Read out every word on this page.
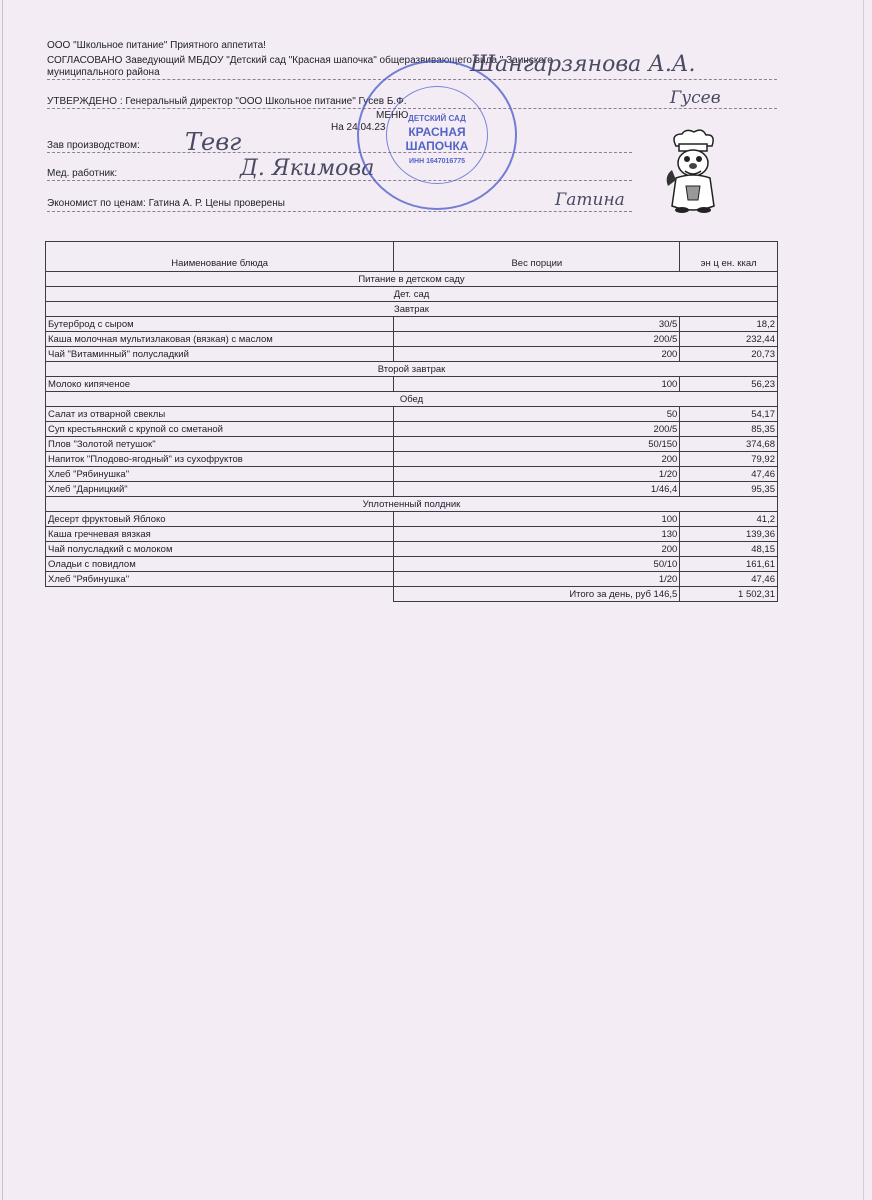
ООО "Школьное питание" Приятного аппетита!
СОГЛАСОВАНО Заведующий МБДОУ "Детский сад "Красная шапочка" общеразвивающего вида " Заинского
муниципального района
УТВЕРЖДЕНО : Генеральный директор "ООО Школьное питание" Гусев Б.Ф.
МЕНЮ
На 24.04.23
Зав производством:
Мед. работник:
Экономист по ценам: Гатина А. Р. Цены проверены
Шангарзянова А.А.
Гусев
Тевг
Д. Якимова
Гатина
ДЕТСКИЙ САД
КРАСНАЯ
ШАПОЧКА
ИНН 1647016775
Наименование блюда	Вес порции	эн ц ен. ккал
Питание в детском саду		
Дет. сад		
Завтрак		
Бутерброд с сыром	30/5	18,2
Каша молочная мультизлаковая (вязкая) с маслом	200/5	232,44
Чай "Витаминный" полусладкий	200	20,73
Второй завтрак		
Молоко кипяченое	100	56,23
Обед		
Салат из отварной свеклы	50	54,17
Суп крестьянский с крупой со сметаной	200/5	85,35
Плов "Золотой петушок"	50/150	374,68
Напиток "Плодово-ягодный" из сухофруктов	200	79,92
Хлеб "Рябинушка"	1/20	47,46
Хлеб "Дарницкий"	1/46,4	95,35
Уплотненный полдник		
Десерт фруктовый Яблоко	100	41,2
Каша гречневая вязкая	130	139,36
Чай полусладкий с молоком	200	48,15
Оладьи с повидлом	50/10	161,61
Хлеб "Рябинушка"	1/20	47,46
	Итого за день, руб 146,5	1 502,31
